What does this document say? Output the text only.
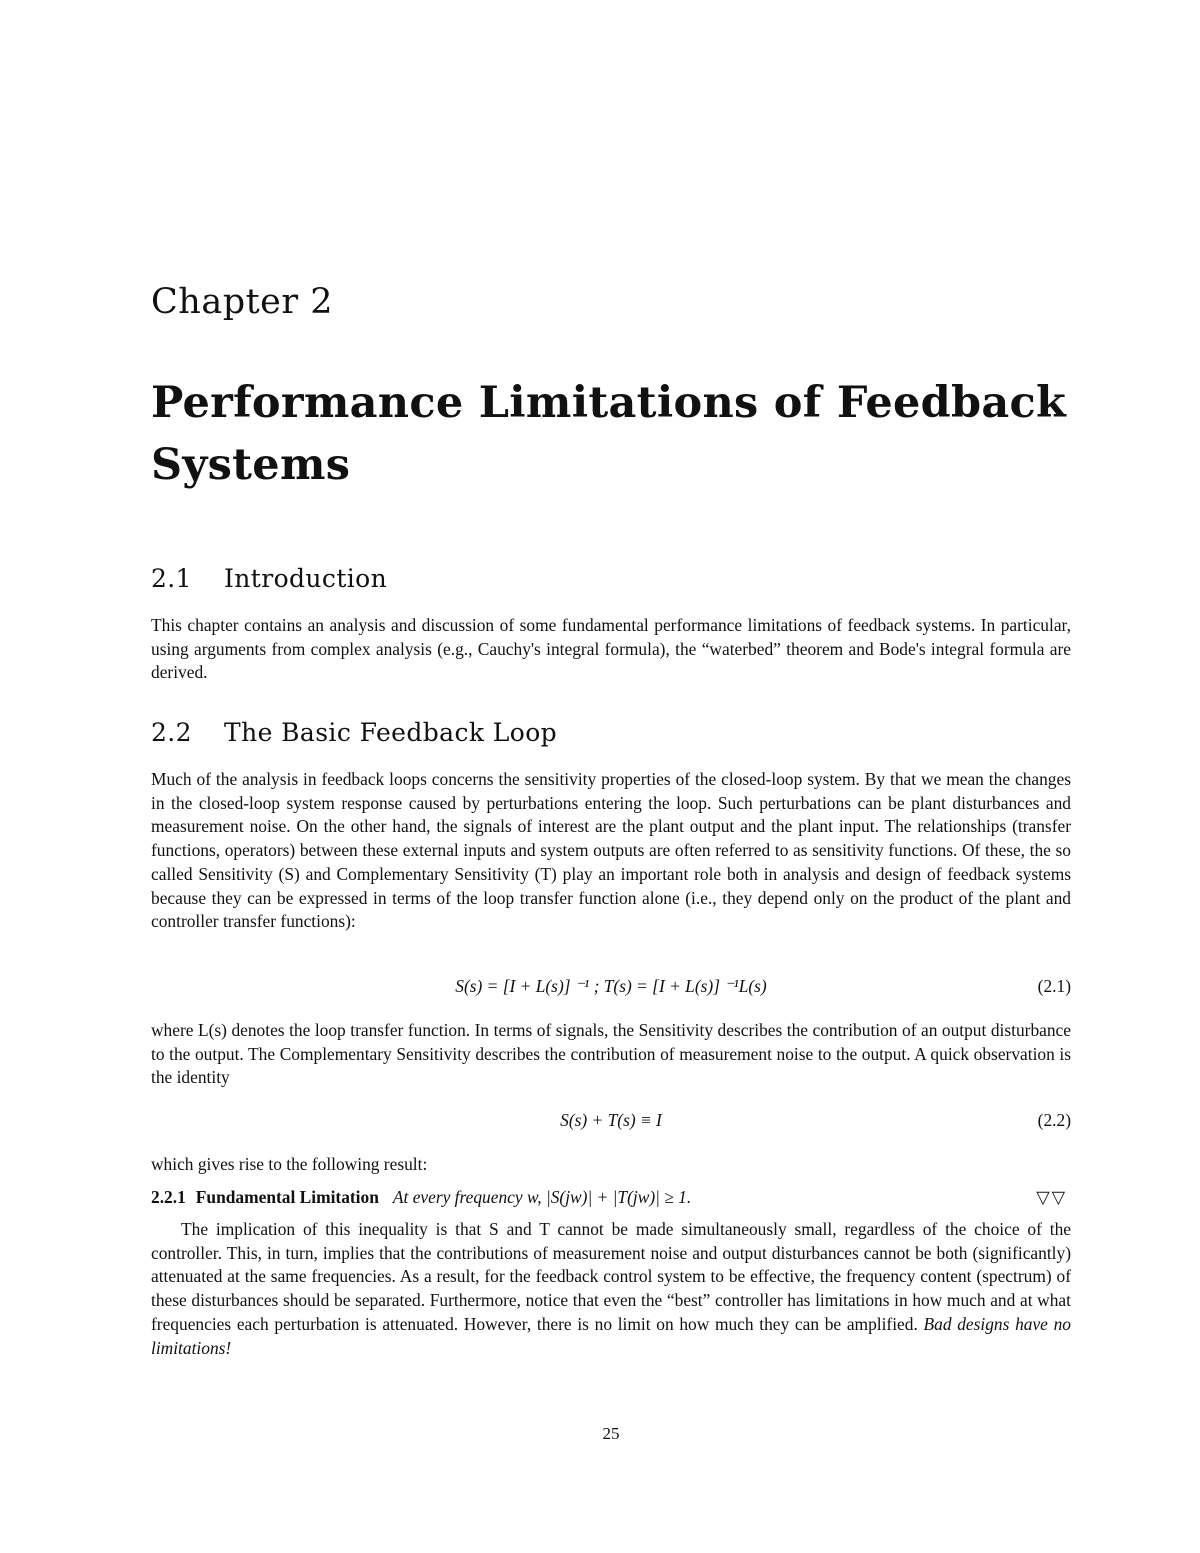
Chapter 2
Performance Limitations of Feedback Systems
2.1 Introduction

This chapter contains an analysis and discussion of some fundamental performance limitations of feedback systems. In particular, using arguments from complex analysis (e.g., Cauchy's integral formula), the “waterbed” theorem and Bode's integral formula are derived.

2.2 The Basic Feedback Loop

Much of the analysis in feedback loops concerns the sensitivity properties of the closed-loop system. By that we mean the changes in the closed-loop system response caused by perturbations entering the loop. Such perturbations can be plant disturbances and measurement noise. On the other hand, the signals of interest are the plant output and the plant input. The relationships (transfer functions, operators) between these external inputs and system outputs are often referred to as sensitivity functions. Of these, the so called Sensitivity (S) and Complementary Sensitivity (T) play an important role both in analysis and design of feedback systems because they can be expressed in terms of the loop transfer function alone (i.e., they depend only on the product of the plant and controller transfer functions):

S(s) = [I + L(s)] ⁻¹ ; T(s) = [I + L(s)] ⁻¹L(s)	(2.1)

where L(s) denotes the loop transfer function. In terms of signals, the Sensitivity describes the contribution of an output disturbance to the output. The Complementary Sensitivity describes the contribution of measurement noise to the output. A quick observation is the identity

S(s) + T(s) ≡ I	(2.2)

which gives rise to the following result:

2.2.1 Fundamental Limitation At every frequency w, |S(jw)| + |T(jw)| ≥ 1.	▽▽

The implication of this inequality is that S and T cannot be made simultaneously small, regardless of the choice of the controller. This, in turn, implies that the contributions of measurement noise and output disturbances cannot be both (significantly) attenuated at the same frequencies. As a result, for the feedback control system to be effective, the frequency content (spectrum) of these disturbances should be separated. Furthermore, notice that even the “best” controller has limitations in how much and at what frequencies each perturbation is attenuated. However, there is no limit on how much they can be amplified. Bad designs have no limitations!

25
